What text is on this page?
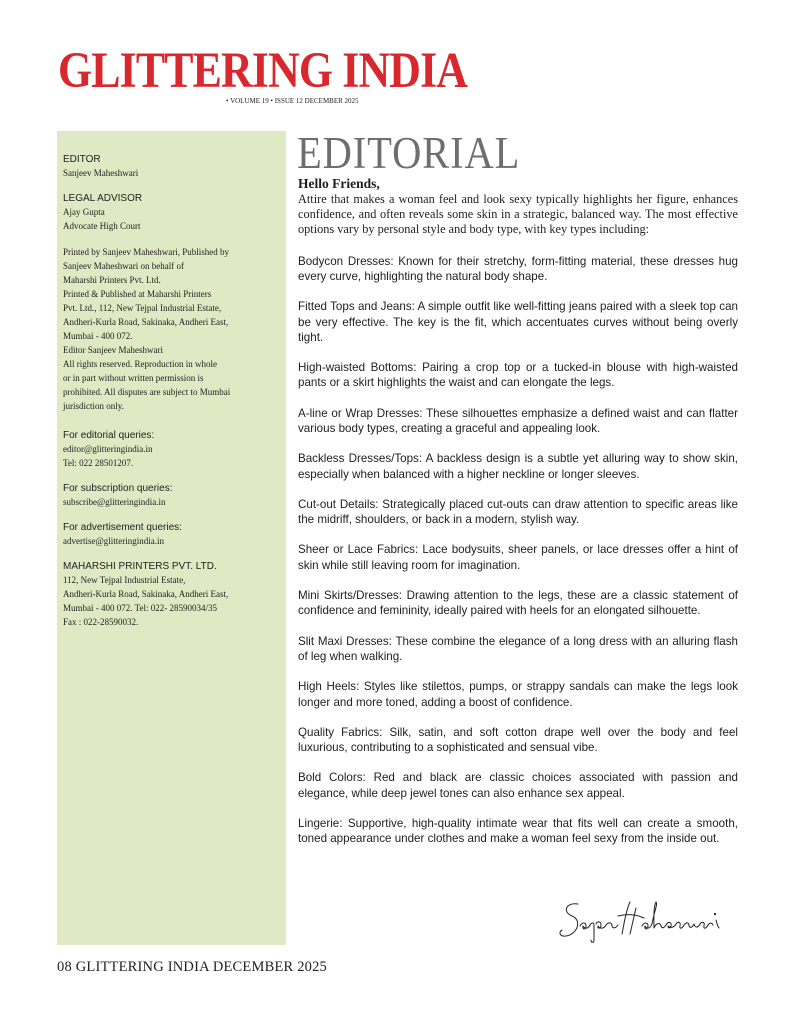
GLITTERING INDIA
• VOLUME 19 • ISSUE 12 DECEMBER 2025

EDITOR

Sanjeev Maheshwari

LEGAL ADVISOR

Ajay Gupta

Advocate High Court

Printed by Sanjeev Maheshwari, Published by

Sanjeev Maheshwari on behalf of

Maharshi Printers Pvt. Ltd.

Printed & Published at Maharshi Printers

Pvt. Ltd., 112, New Tejpal Industrial Estate,

Andheri-Kurla Road, Sakinaka, Andheri East,

Mumbai - 400 072.

Editor Sanjeev Maheshwari

All rights reserved. Reproduction in whole

or in part without written permission is

prohibited. All disputes are subject to Mumbai

jurisdiction only.

For editorial queries:

editor@glitteringindia.in

Tel: 022 28501207.

For subscription queries:

subscribe@glitteringindia.in

For advertisement queries:

advertise@glitteringindia.in

MAHARSHI PRINTERS PVT. LTD.

112, New Tejpal Industrial Estate,

Andheri-Kurla Road, Sakinaka, Andheri East,

Mumbai - 400 072. Tel: 022- 28590034/35

Fax : 022-28590032.

EDITORIAL

Hello Friends,

Attire that makes a woman feel and look sexy typically highlights her figure, enhances confidence, and often reveals some skin in a strategic, balanced way. The most effective options vary by personal style and body type, with key types including:

Bodycon Dresses: Known for their stretchy, form-fitting material, these dresses hug every curve, highlighting the natural body shape.

Fitted Tops and Jeans: A simple outfit like well-fitting jeans paired with a sleek top can be very effective. The key is the fit, which accentuates curves without being overly tight.

High-waisted Bottoms: Pairing a crop top or a tucked-in blouse with high-waisted pants or a skirt highlights the waist and can elongate the legs.

A-line or Wrap Dresses: These silhouettes emphasize a defined waist and can flatter various body types, creating a graceful and appealing look.

Backless Dresses/Tops: A backless design is a subtle yet alluring way to show skin, especially when balanced with a higher neckline or longer sleeves.

Cut-out Details: Strategically placed cut-outs can draw attention to specific areas like the midriff, shoulders, or back in a modern, stylish way.

Sheer or Lace Fabrics: Lace bodysuits, sheer panels, or lace dresses offer a hint of skin while still leaving room for imagination.

Mini Skirts/Dresses: Drawing attention to the legs, these are a classic statement of confidence and femininity, ideally paired with heels for an elongated silhouette.

Slit Maxi Dresses: These combine the elegance of a long dress with an alluring flash of leg when walking.

High Heels: Styles like stilettos, pumps, or strappy sandals can make the legs look longer and more toned, adding a boost of confidence.

Quality Fabrics: Silk, satin, and soft cotton drape well over the body and feel luxurious, contributing to a sophisticated and sensual vibe.

Bold Colors: Red and black are classic choices associated with passion and elegance, while deep jewel tones can also enhance sex appeal.

Lingerie: Supportive, high-quality intimate wear that fits well can create a smooth, toned appearance under clothes and make a woman feel sexy from the inside out.

08 GLITTERING INDIA DECEMBER 2025
